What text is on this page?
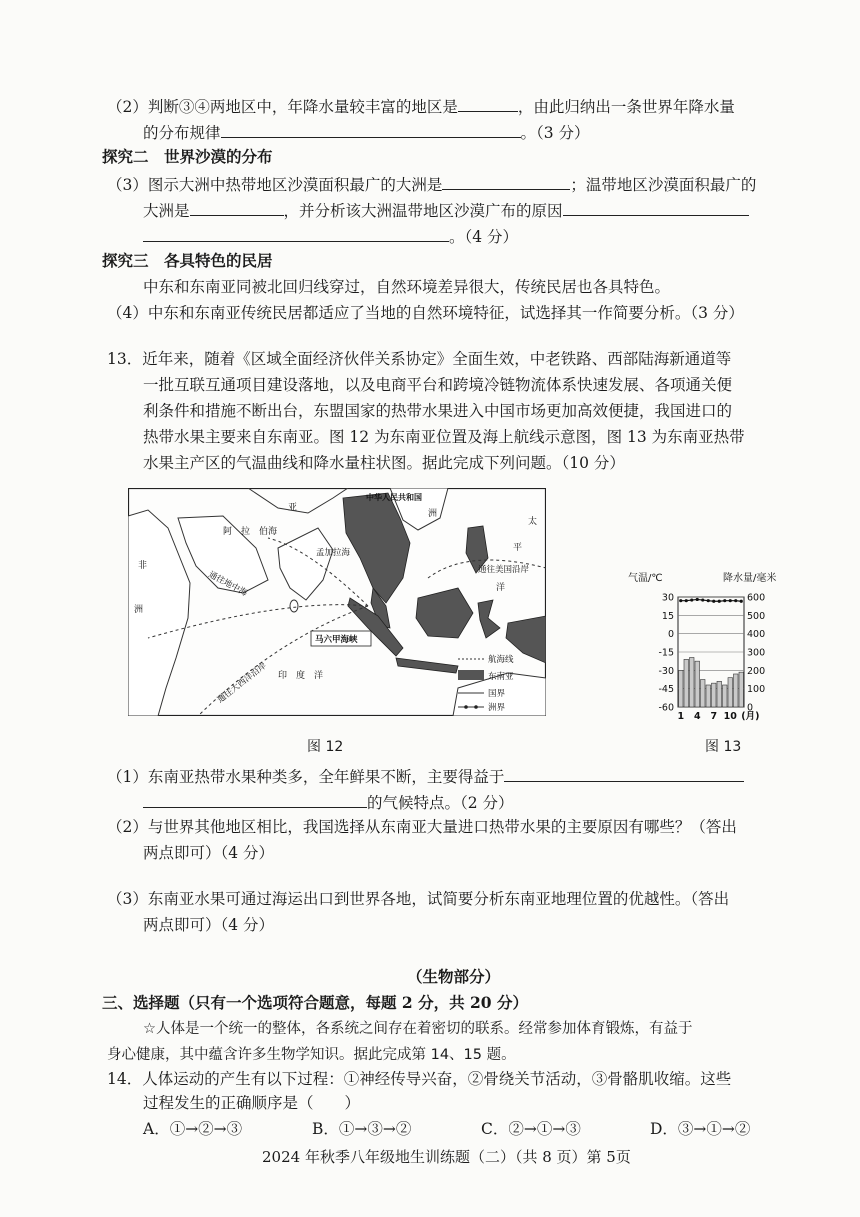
（2）判断③④两地区中，年降水量较丰富的地区是	，由此归纳出一条世界年降水量
的分布规律	。（3 分）
探究二　世界沙漠的分布
（3）图示大洲中热带地区沙漠面积最广的大洲是	；温带地区沙漠面积最广的
大洲是	，并分析该大洲温带地区沙漠广布的原因
。（4 分）
探究三　各具特色的民居
中东和东南亚同被北回归线穿过，自然环境差异很大，传统民居也各具特色。
（4）中东和东南亚传统民居都适应了当地的自然环境特征，试选择其一作简要分析。（3 分）
13．近年来，随着《区域全面经济伙伴关系协定》全面生效，中老铁路、西部陆海新通道等
一批互联互通项目建设落地，以及电商平台和跨境冷链物流体系快速发展、各项通关便
利条件和措施不断出台，东盟国家的热带水果进入中国市场更加高效便捷，我国进口的
热带水果主要来自东南亚。图 12 为东南亚位置及海上航线示意图，图 13 为东南亚热带
水果主产区的气温曲线和降水量柱状图。据此完成下列问题。（10 分）
中华人民共和国
洲
亚
阿　拉　伯海
孟加拉海
非
洲
通往地中海	通往美国沿岸
太
平
洋
马六甲海峡
通往大西洋沿岸 印　度　洋
航海线
东南亚
国界
洲界
图 12
气温/℃	降水量/毫米
30	600
15	500
0	400
-15	300
-30	200
-45	100
-60	0
1 4 7 10 (月)
图 13
（1）东南亚热带水果种类多，全年鲜果不断，主要得益于
的气候特点。（2 分）
（2）与世界其他地区相比，我国选择从东南亚大量进口热带水果的主要原因有哪些？（答出
两点即可）（4 分）
（3）东南亚水果可通过海运出口到世界各地，试简要分析东南亚地理位置的优越性。（答出
两点即可）（4 分）
（生物部分）
三、选择题（只有一个选项符合题意，每题 2 分，共 20 分）
☆人体是一个统一的整体，各系统之间存在着密切的联系。经常参加体育锻炼，有益于
身心健康，其中蕴含许多生物学知识。据此完成第 14、15 题。
14．人体运动的产生有以下过程：①神经传导兴奋，②骨绕关节活动，③骨骼肌收缩。这些
过程发生的正确顺序是（　　）
A．①→②→③	B．①→③→②	C．②→①→③	D．③→①→②
2024 年秋季八年级地生训练题（二）（共 8 页）第 5页
